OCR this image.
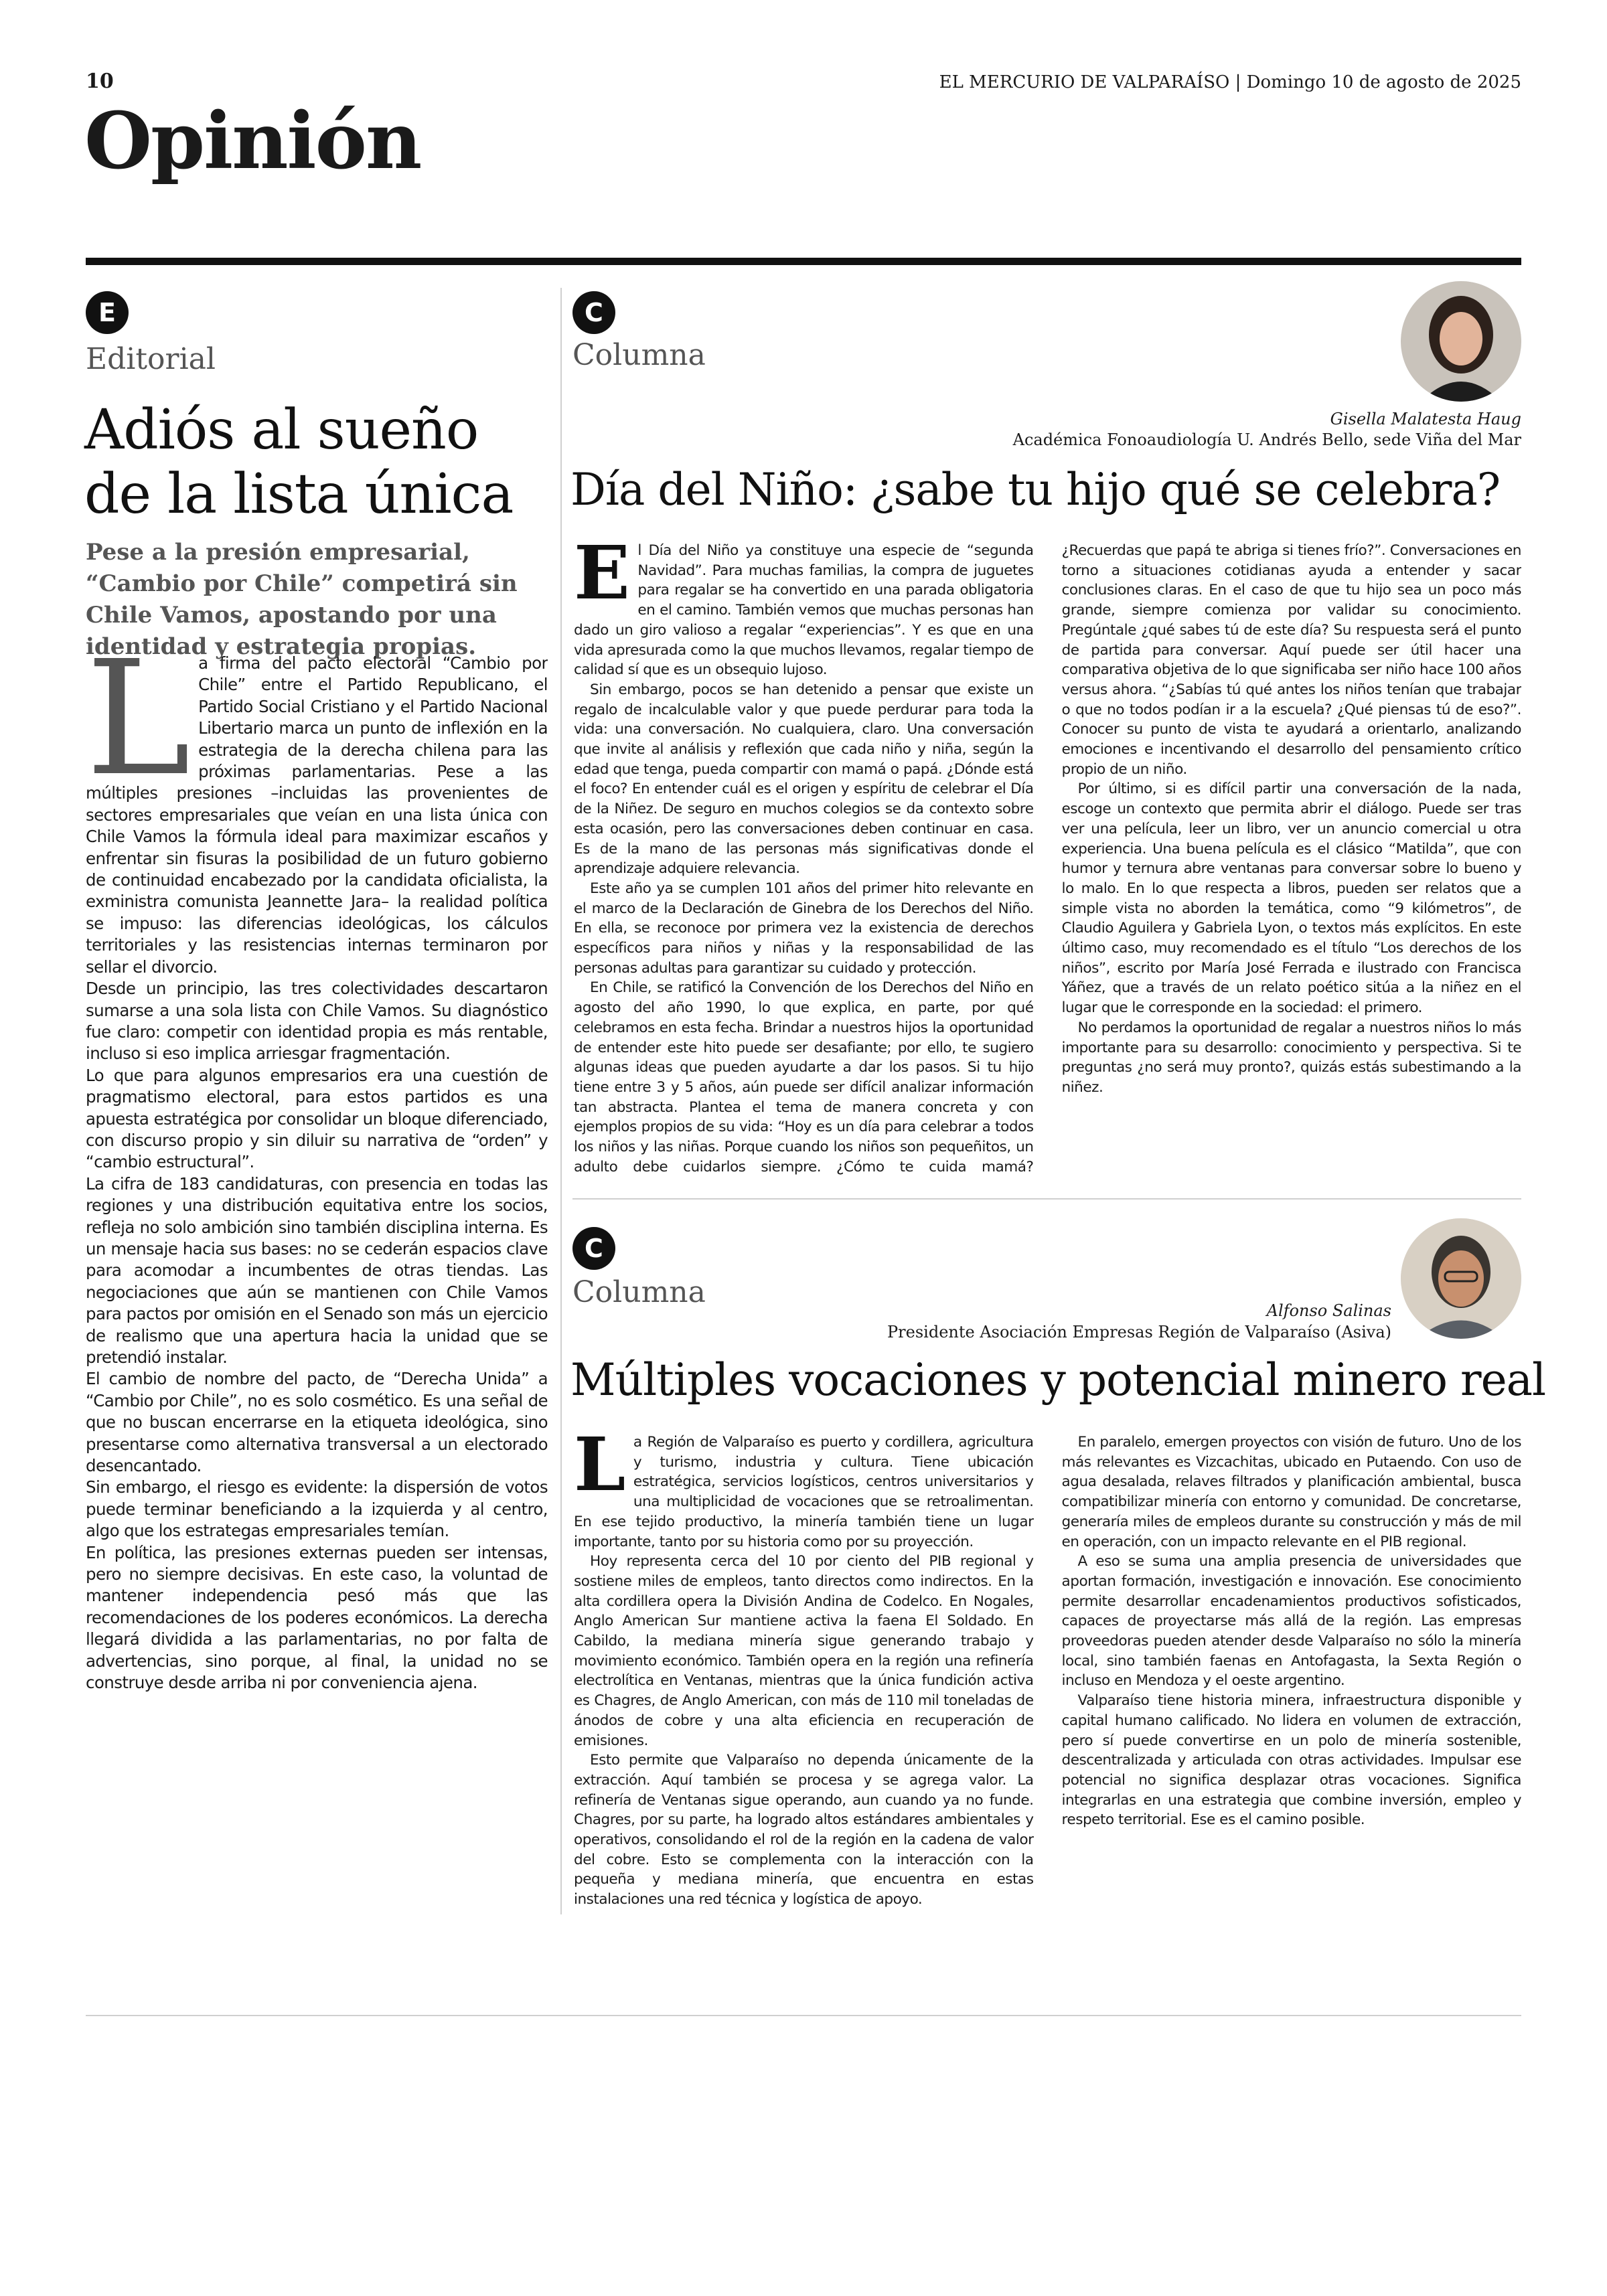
10	EL MERCURIO DE VALPARAÍSO | Domingo 10 de agosto de 2025
Opinión
E

Editorial

Adiós al sueño
de la lista única

Pese a la presión empresarial, “Cambio por Chile” competirá sin Chile Vamos, apostando por una identidad y estrategia propias.

La firma del pacto electoral “Cambio por Chile” entre el Partido Republicano, el Partido Social Cristiano y el Partido Nacional Libertario marca un punto de inflexión en la estrategia de la derecha chilena para las próximas parlamentarias. Pese a las múltiples presiones –incluidas las provenientes de sectores empresariales que veían en una lista única con Chile Vamos la fórmula ideal para maximizar escaños y enfrentar sin fisuras la posibilidad de un futuro gobierno de continuidad encabezado por la candidata oficialista, la exministra comunista Jeannette Jara– la realidad política se impuso: las diferencias ideológicas, los cálculos territoriales y las resistencias internas terminaron por sellar el divorcio.

Desde un principio, las tres colectividades descartaron sumarse a una sola lista con Chile Vamos. Su diagnóstico fue claro: competir con identidad propia es más rentable, incluso si eso implica arriesgar fragmentación.

Lo que para algunos empresarios era una cuestión de pragmatismo electoral, para estos partidos es una apuesta estratégica por consolidar un bloque diferenciado, con discurso propio y sin diluir su narrativa de “orden” y “cambio estructural”.

La cifra de 183 candidaturas, con presencia en todas las regiones y una distribución equitativa entre los socios, refleja no solo ambición sino también disciplina interna. Es un mensaje hacia sus bases: no se cederán espacios clave para acomodar a incumbentes de otras tiendas. Las negociaciones que aún se mantienen con Chile Vamos para pactos por omisión en el Senado son más un ejercicio de realismo que una apertura hacia la unidad que se pretendió instalar.

El cambio de nombre del pacto, de “Derecha Unida” a “Cambio por Chile”, no es solo cosmético. Es una señal de que no buscan encerrarse en la etiqueta ideológica, sino presentarse como alternativa transversal a un electorado desencantado.

Sin embargo, el riesgo es evidente: la dispersión de votos puede terminar beneficiando a la izquierda y al centro, algo que los estrategas empresariales temían.

En política, las presiones externas pueden ser intensas, pero no siempre decisivas. En este caso, la voluntad de mantener independencia pesó más que las recomendaciones de los poderes económicos. La derecha llegará dividida a las parlamentarias, no por falta de advertencias, sino porque, al final, la unidad no se construye desde arriba ni por conveniencia ajena.

C

Columna

Gisella Malatesta Haug

Académica Fonoaudiología U. Andrés Bello, sede Viña del Mar

Día del Niño: ¿sabe tu hijo qué se celebra?

El Día del Niño ya constituye una especie de “segunda Navidad”. Para muchas familias, la compra de juguetes para regalar se ha convertido en una parada obligatoria en el camino. También vemos que muchas personas han dado un giro valioso a regalar “experiencias”. Y es que en una vida apresurada como la que muchos llevamos, regalar tiempo de calidad sí que es un obsequio lujoso.

Sin embargo, pocos se han detenido a pensar que existe un regalo de incalculable valor y que puede perdurar para toda la vida: una conversación. No cualquiera, claro. Una conversación que invite al análisis y reflexión que cada niño y niña, según la edad que tenga, pueda compartir con mamá o papá. ¿Dónde está el foco? En entender cuál es el origen y espíritu de celebrar el Día de la Niñez. De seguro en muchos colegios se da contexto sobre esta ocasión, pero las conversaciones deben continuar en casa. Es de la mano de las personas más significativas donde el aprendizaje adquiere relevancia.

Este año ya se cumplen 101 años del primer hito relevante en el marco de la Declaración de Ginebra de los Derechos del Niño. En ella, se reconoce por primera vez la existencia de derechos específicos para niños y niñas y la responsabilidad de las personas adultas para garantizar su cuidado y protección.

En Chile, se ratificó la Convención de los Derechos del Niño en agosto del año 1990, lo que explica, en parte, por qué celebramos en esta fecha. Brindar a nuestros hijos la oportunidad de entender este hito puede ser desafiante; por ello, te sugiero algunas ideas que pueden ayudarte a dar los pasos. Si tu hijo tiene entre 3 y 5 años, aún puede ser difícil analizar información tan abstracta. Plantea el tema de manera concreta y con ejemplos propios de su vida: “Hoy es un día para celebrar a todos los niños y las niñas. Porque cuando los niños son pequeñitos, un adulto debe cuidarlos siempre. ¿Cómo te cuida mamá? ¿Recuerdas que papá te abriga si tienes frío?”. Conversaciones en torno a situaciones cotidianas ayuda a entender y sacar conclusiones claras. En el caso de que tu hijo sea un poco más grande, siempre comienza por validar su conocimiento. Pregúntale ¿qué sabes tú de este día? Su respuesta será el punto de partida para conversar. Aquí puede ser útil hacer una comparativa objetiva de lo que significaba ser niño hace 100 años versus ahora. “¿Sabías tú qué antes los niños tenían que trabajar o que no todos podían ir a la escuela? ¿Qué piensas tú de eso?”. Conocer su punto de vista te ayudará a orientarlo, analizando emociones e incentivando el desarrollo del pensamiento crítico propio de un niño.

Por último, si es difícil partir una conversación de la nada, escoge un contexto que permita abrir el diálogo. Puede ser tras ver una película, leer un libro, ver un anuncio comercial u otra experiencia. Una buena película es el clásico “Matilda”, que con humor y ternura abre ventanas para conversar sobre lo bueno y lo malo. En lo que respecta a libros, pueden ser relatos que a simple vista no aborden la temática, como “9 kilómetros”, de Claudio Aguilera y Gabriela Lyon, o textos más explícitos. En este último caso, muy recomendado es el título “Los derechos de los niños”, escrito por María José Ferrada e ilustrado con Francisca Yáñez, que a través de un relato poético sitúa a la niñez en el lugar que le corresponde en la sociedad: el primero.

No perdamos la oportunidad de regalar a nuestros niños lo más importante para su desarrollo: conocimiento y perspectiva. Si te preguntas ¿no será muy pronto?, quizás estás subestimando a la niñez.

C

Columna

Alfonso Salinas

Presidente Asociación Empresas Región de Valparaíso (Asiva)

Múltiples vocaciones y potencial minero real

La Región de Valparaíso es puerto y cordillera, agricultura y turismo, industria y cultura. Tiene ubicación estratégica, servicios logísticos, centros universitarios y una multiplicidad de vocaciones que se retroalimentan. En ese tejido productivo, la minería también tiene un lugar importante, tanto por su historia como por su proyección.

Hoy representa cerca del 10 por ciento del PIB regional y sostiene miles de empleos, tanto directos como indirectos. En la alta cordillera opera la División Andina de Codelco. En Nogales, Anglo American Sur mantiene activa la faena El Soldado. En Cabildo, la mediana minería sigue generando trabajo y movimiento económico. También opera en la región una refinería electrolítica en Ventanas, mientras que la única fundición activa es Chagres, de Anglo American, con más de 110 mil toneladas de ánodos de cobre y una alta eficiencia en recuperación de emisiones.

Esto permite que Valparaíso no dependa únicamente de la extracción. Aquí también se procesa y se agrega valor. La refinería de Ventanas sigue operando, aun cuando ya no funde. Chagres, por su parte, ha logrado altos estándares ambientales y operativos, consolidando el rol de la región en la cadena de valor del cobre. Esto se complementa con la interacción con la pequeña y mediana minería, que encuentra en estas instalaciones una red técnica y logística de apoyo.

En paralelo, emergen proyectos con visión de futuro. Uno de los más relevantes es Vizcachitas, ubicado en Putaendo. Con uso de agua desalada, relaves filtrados y planificación ambiental, busca compatibilizar minería con entorno y comunidad. De concretarse, generaría miles de empleos durante su construcción y más de mil en operación, con un impacto relevante en el PIB regional.

A eso se suma una amplia presencia de universidades que aportan formación, investigación e innovación. Ese conocimiento permite desarrollar encadenamientos productivos sofisticados, capaces de proyectarse más allá de la región. Las empresas proveedoras pueden atender desde Valparaíso no sólo la minería local, sino también faenas en Antofagasta, la Sexta Región o incluso en Mendoza y el oeste argentino.

Valparaíso tiene historia minera, infraestructura disponible y capital humano calificado. No lidera en volumen de extracción, pero sí puede convertirse en un polo de minería sostenible, descentralizada y articulada con otras actividades. Impulsar ese potencial no significa desplazar otras vocaciones. Significa integrarlas en una estrategia que combine inversión, empleo y respeto territorial. Ese es el camino posible.
